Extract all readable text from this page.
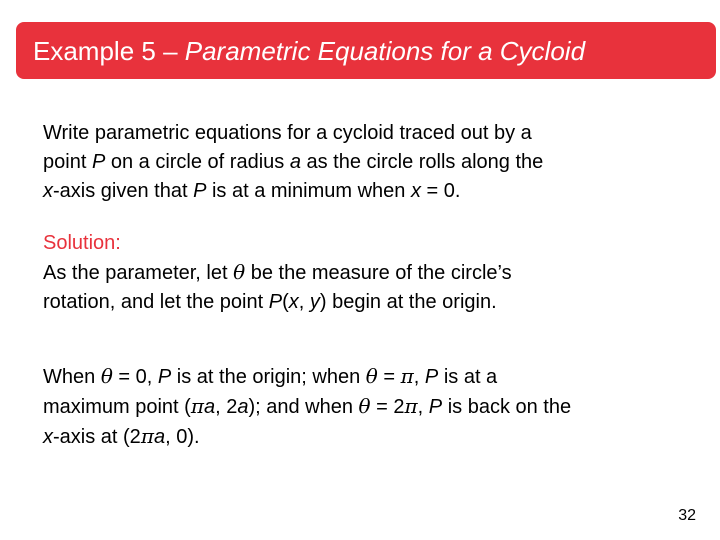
Example 5 – Parametric Equations for a Cycloid

Write parametric equations for a cycloid traced out by a
point P on a circle of radius a as the circle rolls along the
x-axis given that P is at a minimum when x = 0.

Solution:
As the parameter, let θ be the measure of the circle’s
rotation, and let the point P(x, y) begin at the origin.

When θ = 0, P is at the origin; when θ = π, P is at a
maximum point (πa, 2a); and when θ = 2π, P is back on the
x-axis at (2πa, 0).

32
